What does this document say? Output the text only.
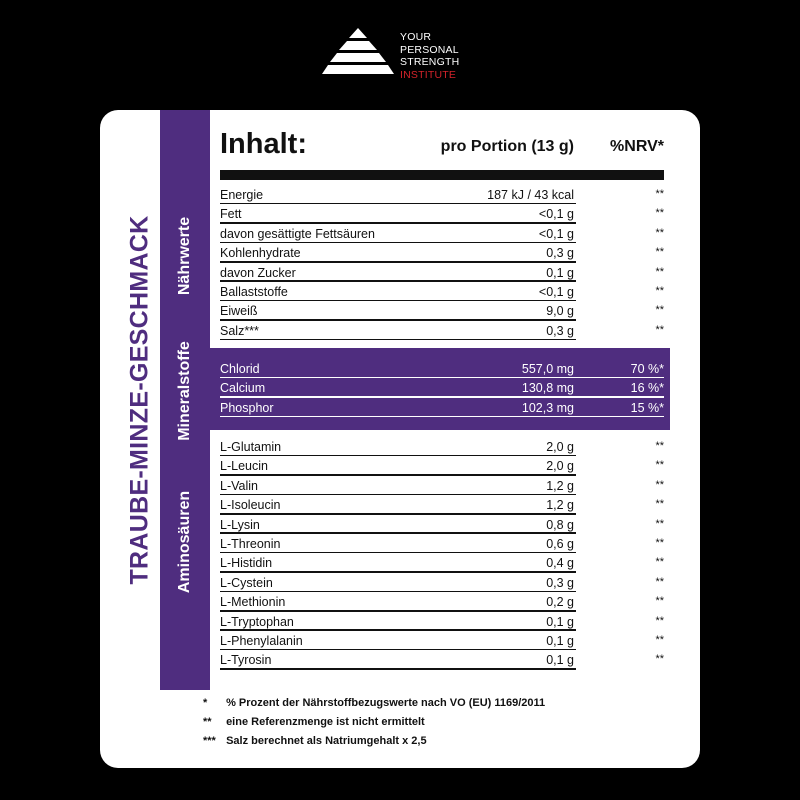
YOUR
PERSONAL
STRENGTH
INSTITUTE
TRAUBE-MINZE-GESCHMACK Nährwerte
Mineralstoffe
Aminosäuren
Inhalt:	pro Portion (13 g) %NRV*
Energie	187 kJ / 43 kcal	**
Fett	<0,1 g	**
davon gesättigte Fettsäuren	<0,1 g	**
Kohlenhydrate	0,3 g	**
davon Zucker	0,1 g	**
Ballaststoffe	<0,1 g	**
Eiweiß	9,0 g	**
Salz***	0,3 g	**
Chlorid	557,0 mg	70 %*
Calcium	130,8 mg	16 %*
Phosphor	102,3 mg	15 %*
L-Glutamin	2,0 g	**
L-Leucin	2,0 g	**
L-Valin	1,2 g	**
L-Isoleucin	1,2 g	**
L-Lysin	0,8 g	**
L-Threonin	0,6 g	**
L-Histidin	0,4 g	**
L-Cystein	0,3 g	**
L-Methionin	0,2 g	**
L-Tryptophan	0,1 g	**
L-Phenylalanin	0,1 g	**
L-Tyrosin	0,1 g	**
* % Prozent der Nährstoffbezugswerte nach VO (EU) 1169/2011
** eine Referenzmenge ist nicht ermittelt
*** Salz berechnet als Natriumgehalt x 2,5
